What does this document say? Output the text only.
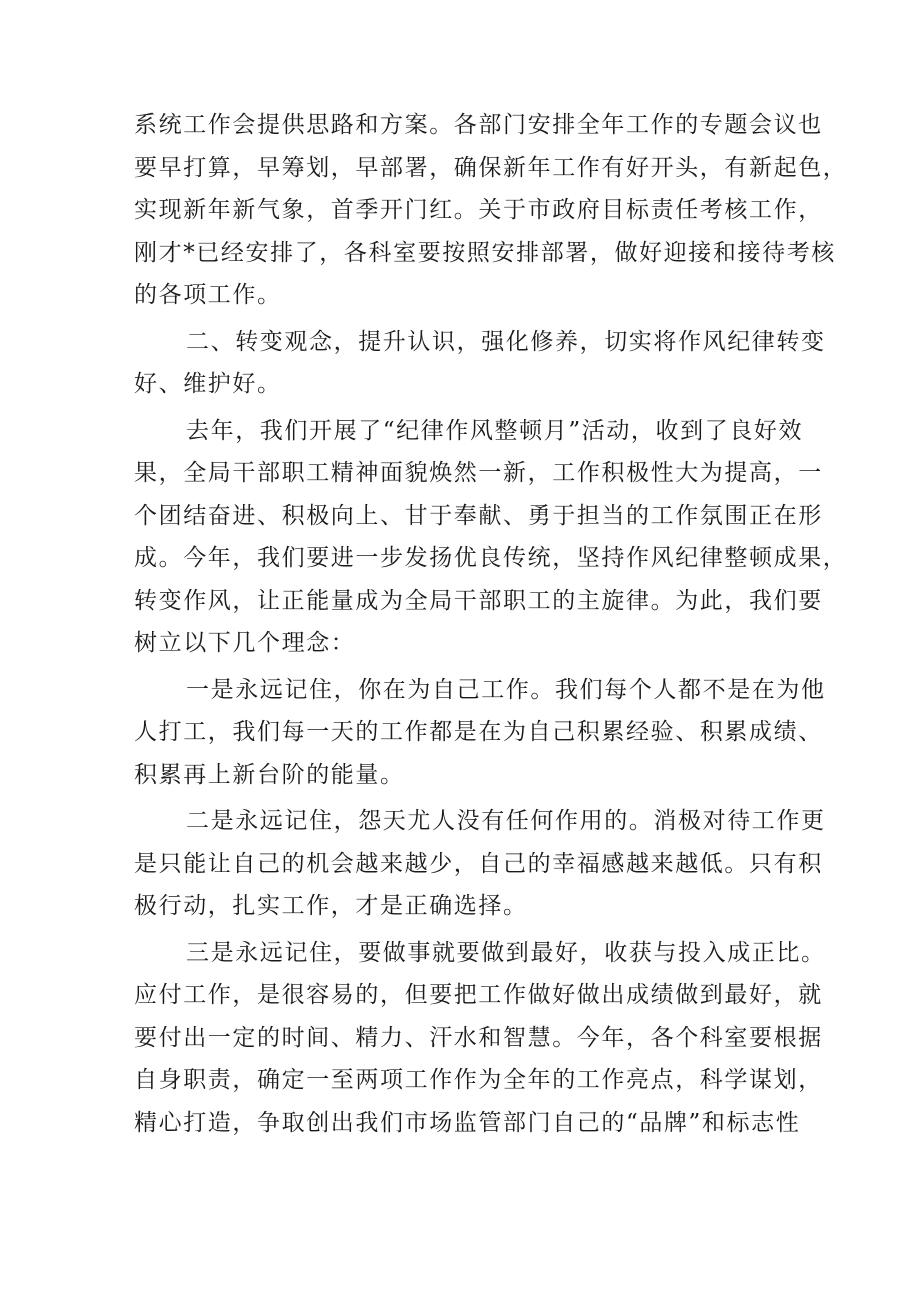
系统工作会提供思路和方案。各部门安排全年工作的专题会议也
要早打算，早筹划，早部署，确保新年工作有好开头，有新起色，
实现新年新气象，首季开门红。关于市政府目标责任考核工作，
刚才*已经安排了，各科室要按照安排部署，做好迎接和接待考核
的各项工作。

二、转变观念，提升认识，强化修养，切实将作风纪律转变
好、维护好。

去年，我们开展了“纪律作风整顿月”活动，收到了良好效
果，全局干部职工精神面貌焕然一新，工作积极性大为提高，一
个团结奋进、积极向上、甘于奉献、勇于担当的工作氛围正在形
成。今年，我们要进一步发扬优良传统，坚持作风纪律整顿成果，
转变作风，让正能量成为全局干部职工的主旋律。为此，我们要
树立以下几个理念：

一是永远记住，你在为自己工作。我们每个人都不是在为他
人打工，我们每一天的工作都是在为自己积累经验、积累成绩、
积累再上新台阶的能量。

二是永远记住，怨天尤人没有任何作用的。消极对待工作更
是只能让自己的机会越来越少，自己的幸福感越来越低。只有积
极行动，扎实工作，才是正确选择。

三是永远记住，要做事就要做到最好，收获与投入成正比。
应付工作，是很容易的，但要把工作做好做出成绩做到最好，就
要付出一定的时间、精力、汗水和智慧。今年，各个科室要根据
自身职责，确定一至两项工作作为全年的工作亮点，科学谋划，
精心打造，争取创出我们市场监管部门自己的“品牌”和标志性
